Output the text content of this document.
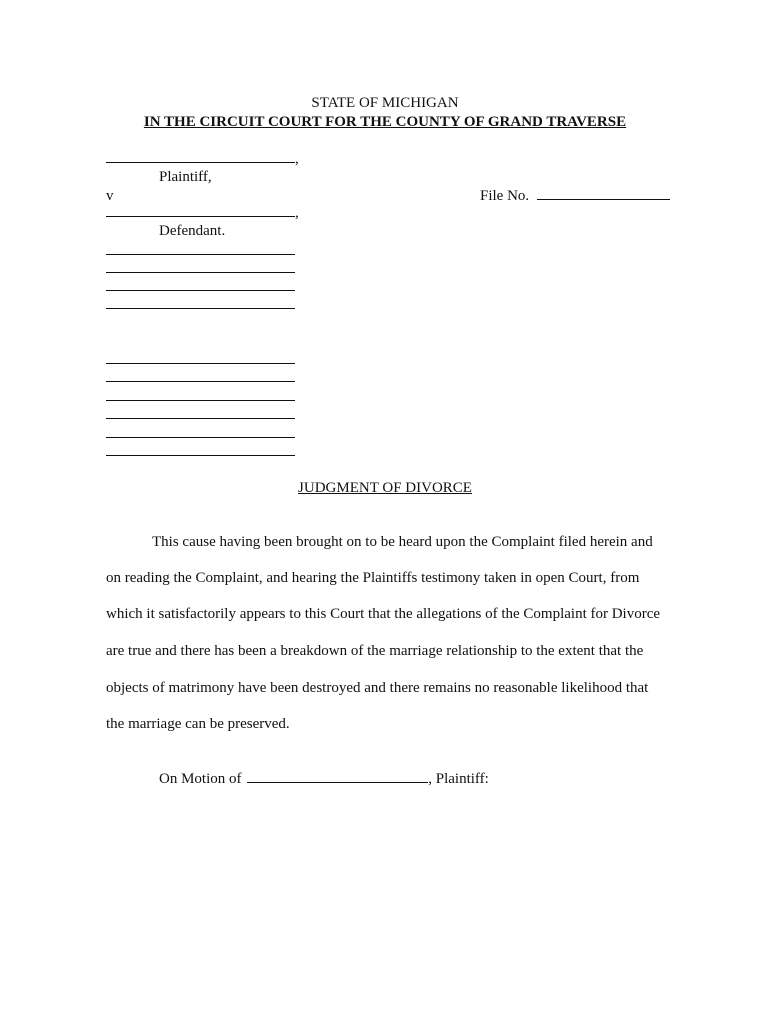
STATE OF MICHIGAN
IN THE CIRCUIT COURT FOR THE COUNTY OF GRAND TRAVERSE
,
Plaintiff,
v	File No.
,
Defendant.
JUDGMENT OF DIVORCE
This cause having been brought on to be heard upon the Complaint filed herein and
on reading the Complaint, and hearing the Plaintiffs testimony taken in open Court, from
which it satisfactorily appears to this Court that the allegations of the Complaint for Divorce
are true and there has been a breakdown of the marriage relationship to the extent that the
objects of matrimony have been destroyed and there remains no reasonable likelihood that
the marriage can be preserved.
On Motion of	, Plaintiff:
